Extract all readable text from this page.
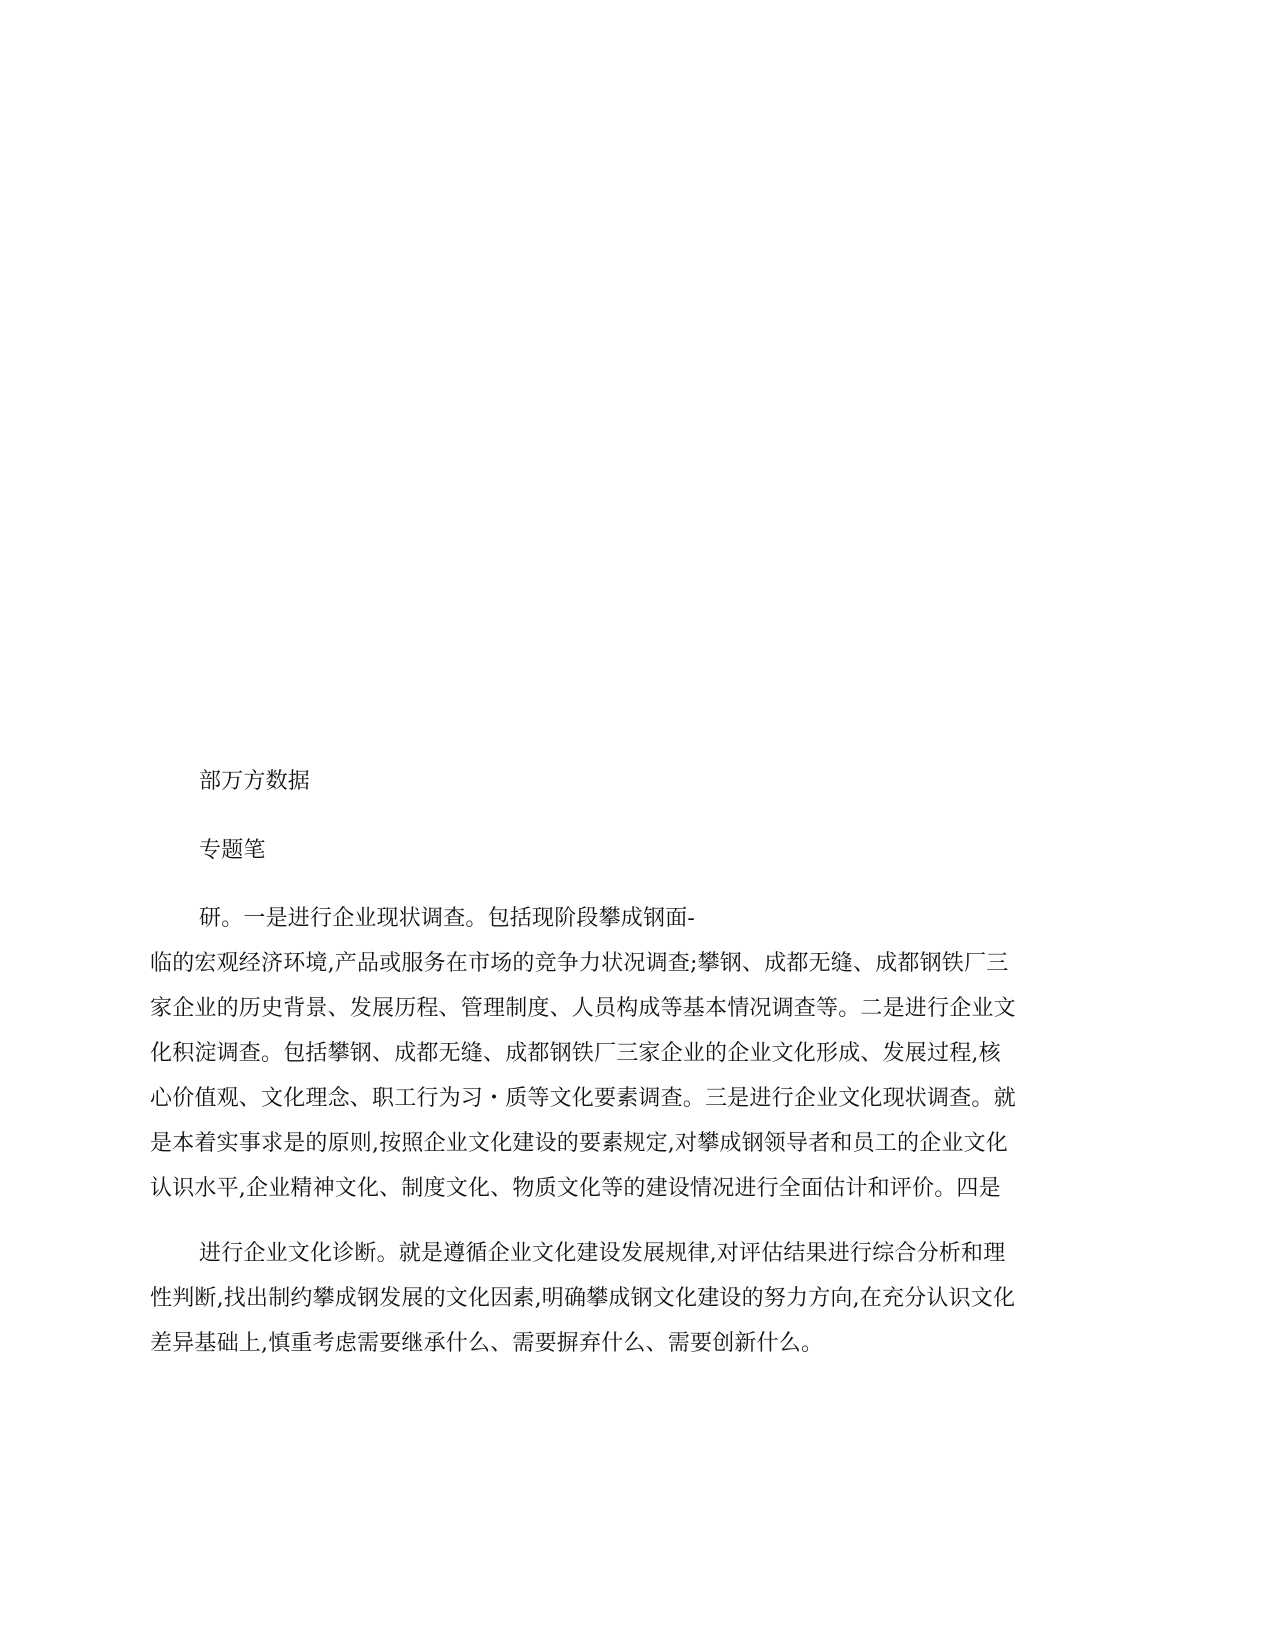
部万方数据
专题笔
研。一是进行企业现状调查。包括现阶段攀成钢面-
临的宏观经济环境,产品或服务在市场的竞争力状况调查;攀钢、成都无缝、成都钢铁厂三
家企业的历史背景、发展历程、管理制度、人员构成等基本情况调查等。二是进行企业文
化积淀调查。包括攀钢、成都无缝、成都钢铁厂三家企业的企业文化形成、发展过程,核
心价值观、文化理念、职工行为习・质等文化要素调查。三是进行企业文化现状调查。就
是本着实事求是的原则,按照企业文化建设的要素规定,对攀成钢领导者和员工的企业文化
认识水平,企业精神文化、制度文化、物质文化等的建设情况进行全面估计和评价。四是
进行企业文化诊断。就是遵循企业文化建设发展规律,对评估结果进行综合分析和理
性判断,找出制约攀成钢发展的文化因素,明确攀成钢文化建设的努力方向,在充分认识文化
差异基础上,慎重考虑需要继承什么、需要摒弃什么、需要创新什么。
